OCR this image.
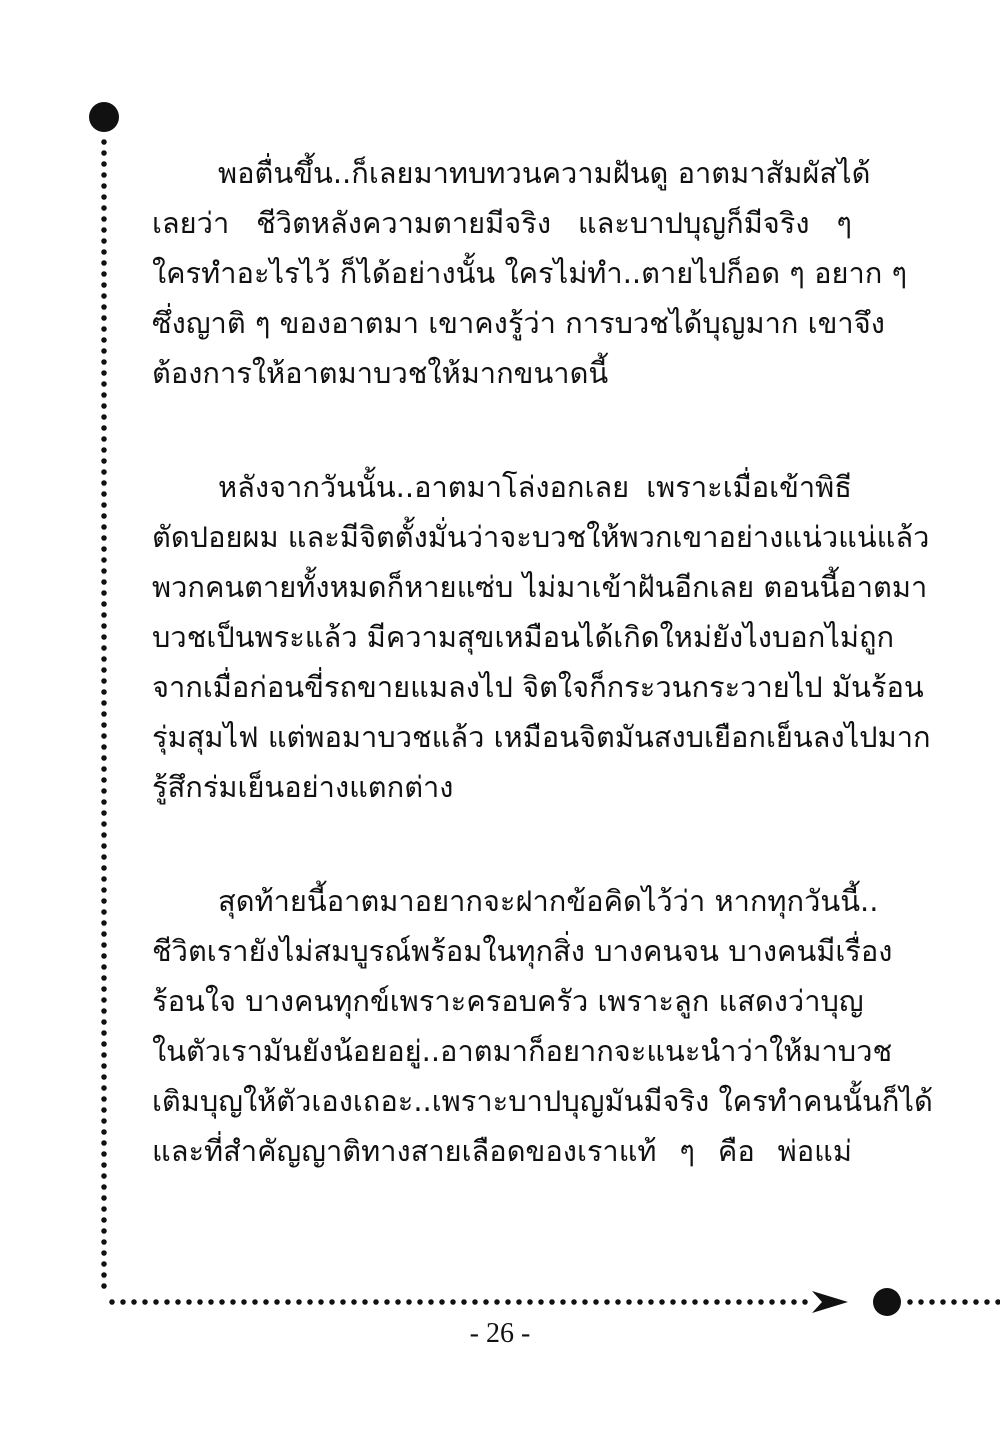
พอตื่นขึ้น..ก็เลยมาทบทวนความฝันดู อาตมาสัมผัสได้
เลยว่า ชีวิตหลังความตายมีจริง และบาปบุญก็มีจริง ๆ
ใครทำอะไรไว้ ก็ได้อย่างนั้น ใครไม่ทำ..ตายไปก็อด ๆ อยาก ๆ
ซึ่งญาติ ๆ ของอาตมา เขาคงรู้ว่า การบวชได้บุญมาก เขาจึง
ต้องการให้อาตมาบวชให้มากขนาดนี้
หลังจากวันนั้น..อาตมาโล่งอกเลย เพราะเมื่อเข้าพิธี
ตัดปอยผม และมีจิตตั้งมั่นว่าจะบวชให้พวกเขาอย่างแน่วแน่แล้ว
พวกคนตายทั้งหมดก็หายแซ่บ ไม่มาเข้าฝันอีกเลย ตอนนี้อาตมา
บวชเป็นพระแล้ว มีความสุขเหมือนได้เกิดใหม่ยังไงบอกไม่ถูก
จากเมื่อก่อนขี่รถขายแมลงไป จิตใจก็กระวนกระวายไป มันร้อน
รุ่มสุมไฟ แต่พอมาบวชแล้ว เหมือนจิตมันสงบเยือกเย็นลงไปมาก
รู้สึกร่มเย็นอย่างแตกต่าง
สุดท้ายนี้อาตมาอยากจะฝากข้อคิดไว้ว่า หากทุกวันนี้..
ชีวิตเรายังไม่สมบูรณ์พร้อมในทุกสิ่ง บางคนจน บางคนมีเรื่อง
ร้อนใจ บางคนทุกข์เพราะครอบครัว เพราะลูก แสดงว่าบุญ
ในตัวเรามันยังน้อยอยู่..อาตมาก็อยากจะแนะนำว่าให้มาบวช
เติมบุญให้ตัวเองเถอะ..เพราะบาปบุญมันมีจริง ใครทำคนนั้นก็ได้
และที่สำคัญญาติทางสายเลือดของเราแท้ ๆ คือ พ่อแม่
- 26 -
